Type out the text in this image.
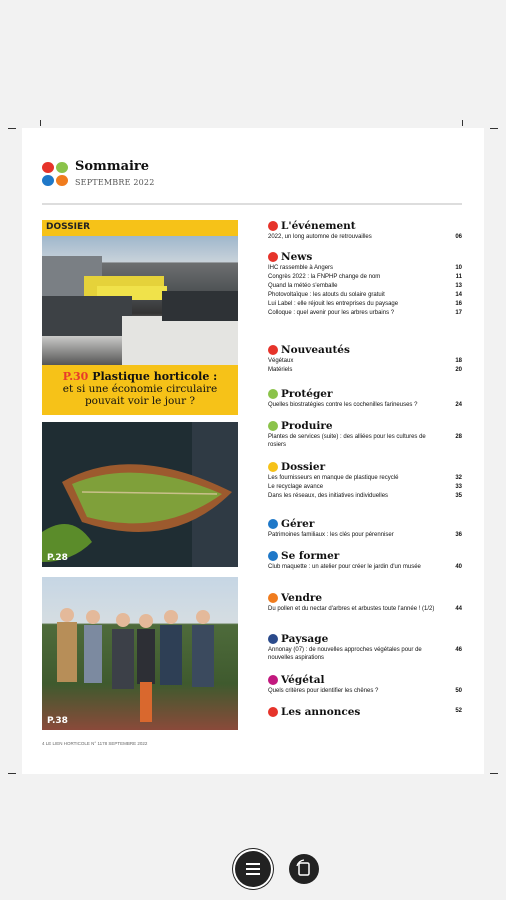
Sommaire
SEPTEMBRE 2022
DOSSIER
P.30 Plastique horticole :
et si une économie circulaire
pouvait voir le jour ?
P.28
P.38
L'événement
2022, un long automne de retrouvailles	06
News
IHC rassemble à Angers	10
Congrès 2022 : la FNPHP change de nom	11
Quand la météo s'emballe	13
Photovoltaïque : les atouts du solaire gratuit	14
Lui Label : elle réjouit les entreprises du paysage	16
Colloque : quel avenir pour les arbres urbains ?	17
Nouveautés
Végétaux	18
Matériels	20
Protéger
Quelles biostratégies contre les cochenilles farineuses ?	24
Produire
Plantes de services (suite) : des alliées pour les cultures de rosiers
28
Dossier
Les fournisseurs en manque de plastique recyclé	32
Le recyclage avance	33
Dans les réseaux, des initiatives individuelles	35
Gérer
Patrimoines familiaux : les clés pour pérenniser	36
Se former
Club maquette : un atelier pour créer le jardin d'un musée	40
Vendre
Du pollen et du nectar d'arbres et arbustes toute l'année ! (1/2)	44
Paysage
Annonay (07) : de nouvelles approches végétales pour de nouvelles aspirations
46
Végétal
Quels critères pour identifier les chênes ?	50
Les annonces	52
4 LE LIEN HORTICOLE N° 1178 SEPTEMBRE 2022
